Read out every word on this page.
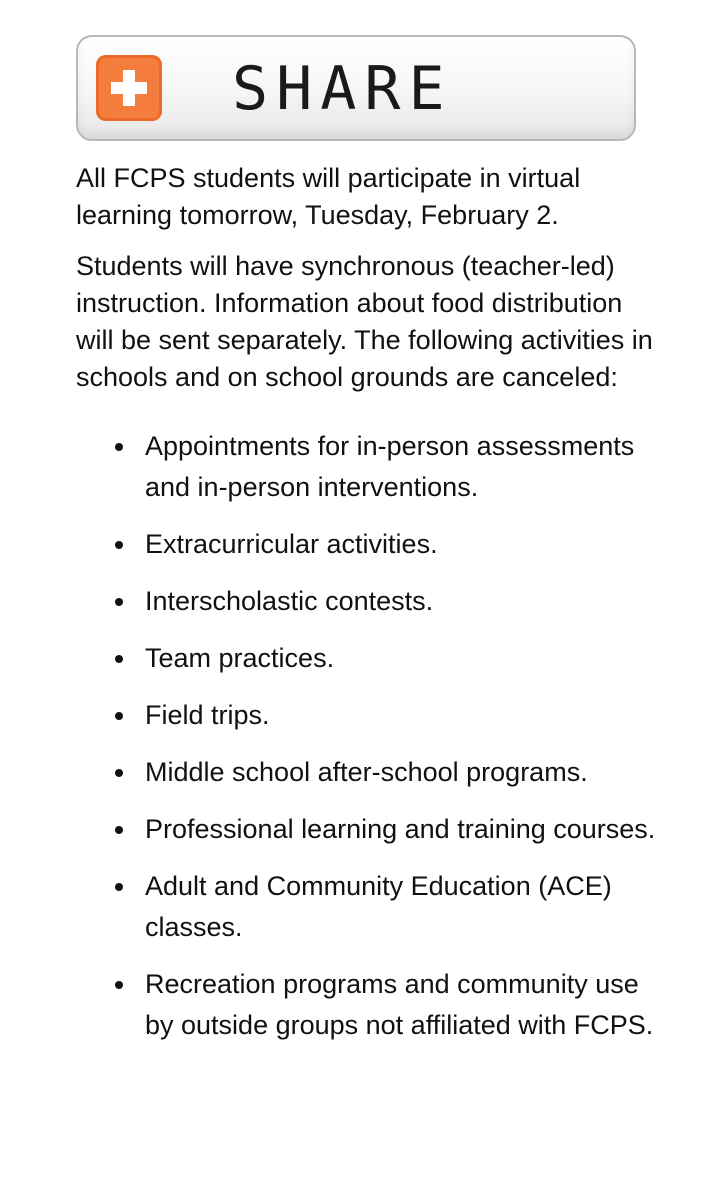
SHARE

All FCPS students will participate in virtual learning tomorrow, Tuesday, February 2.

Students will have synchronous (teacher-led) instruction. Information about food distribution will be sent separately. The following activities in schools and on school grounds are canceled:

Appointments for in-person assessments and in-person interventions.
Extracurricular activities.
Interscholastic contests.
Team practices.
Field trips.
Middle school after-school programs.
Professional learning and training courses.
Adult and Community Education (ACE) classes.
Recreation programs and community use by outside groups not affiliated with FCPS.
